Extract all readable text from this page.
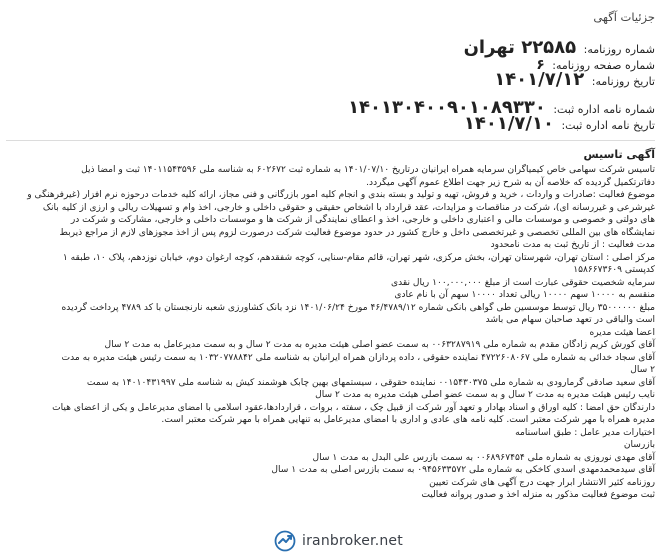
جزئیات آگهی
شماره روزنامه: ۲۲۵۸۵ تهران
شماره صفحه روزنامه: ۶
تاریخ روزنامه: ۱۴۰۱/۷/۱۲
شماره نامه اداره ثبت: ۱۴۰۱۳۰۴۰۰۹۰۱۰۸۹۳۳۰
تاریخ نامه اداره ثبت: ۱۴۰۱/۷/۱۰
آگهی تاسیس

تاسیس شرکت سهامی خاص کیمیاگران سرمایه همراه ایرانیان درتاریخ ۱۴۰۱/۰۷/۱۰ به شماره ثبت ۶۰۲۶۷۲ به شناسه ملی ۱۴۰۱۱۵۴۳۵۹۶ ثبت و امضا ذیل

دفاترتکمیل گردیده که خلاصه آن به شرح زیر جهت اطلاع عموم آگهی میگردد.

موضوع فعالیت :صادرات و واردات ، خرید و فروش، تهیه و تولید و بسته بندی و انجام کلیه امور بازرگانی و فنی مجاز، ارائه کلیه خدمات درحوزه نرم افزار (غیرفرهنگی و

غیرشرعی و غیررسانه ای)، شرکت در مناقصات و مزایدات، عقد قرارداد با اشخاص حقیقی و حقوقی داخلی و خارجی، اخذ وام و تسهیلات ریالی و ارزی از کلیه بانک

های دولتی و خصوصی و موسسات مالی و اعتباری داخلی و خارجی، اخذ و اعطای نمایندگی از شرکت ها و موسسات داخلی و خارجی، مشارکت و شرکت در

نمایشگاه های بین المللی تخصصی و غیرتخصصی داخل و خارج کشور در حدود موضوع فعالیت شرکت درصورت لزوم پس از اخذ مجوزهای لازم از مراجع ذیربط

مدت فعالیت : از تاریخ ثبت به مدت نامحدود

مرکز اصلی : استان تهران، شهرستان تهران، بخش مرکزی، شهر تهران، قائم مقام-سنایی، کوچه شفقدهم، کوچه ارغوان دوم، خیابان نوزدهم، پلاک ۱۰، طبقه ۱

کدپستی ۱۵۸۶۶۷۳۶۰۹

سرمایه شخصیت حقوقی عبارت است از مبلغ ۱۰۰,۰۰۰,۰۰۰ ریال نقدی

منقسم به ۱۰۰۰۰ سهم ۱۰۰۰۰ ریالی تعداد ۱۰۰۰۰ سهم آن با نام عادی

مبلغ ۳۵۰۰۰۰۰۰ ریال توسط موسسین طی گواهی بانکی شماره ۴۶/۴۷۸۹/۱۲ مورخ ۱۴۰۱/۰۶/۲۴ نزد بانک کشاورزی شعبه نارنجستان با کد ۴۷۸۹ پرداخت گردیده

است والباقی در تعهد صاحبان سهام می باشد

اعضا هیئت مدیره

آقای کورش کریم زادگان مقدم به شماره ملی ۰۰۶۳۲۸۷۹۱۹ به سمت عضو اصلی هیئت مدیره به مدت ۲ سال و به سمت مدیرعامل به مدت ۲ سال

آقای سجاد خدائی به شماره ملی ۴۷۲۲۶۰۸۰۶۷ نماینده حقوقی ، داده پردازان همراه ایرانیان به شناسه ملی ۱۰۳۲۰۷۷۸۸۴۲ به سمت رئیس هیئت مدیره به مدت

۲ سال

آقای سعید صادقی گرمارودی به شماره ملی ۰۰۱۵۴۳۰۳۷۵ نماینده حقوقی ، سیستمهای بهین چابک هوشمند کیش به شناسه ملی ۱۴۰۱۰۴۳۱۹۹۷ به سمت

نایب رئیس هیئت مدیره به مدت ۲ سال و به سمت عضو اصلی هیئت مدیره به مدت ۲ سال

دارندگان حق امضا : کلیه اوراق و اسناد بهادار و تعهد آور شرکت از قبیل چک ، سفته ، بروات ، قراردادها،عقود اسلامی با امضای مدیرعامل و یکی از اعضای هیات

مدیره همراه با مهر شرکت معتبر است. کلیه نامه های عادی و اداری با امضای مدیرعامل به تنهایی همراه با مهر شرکت معتبر است.

اختیارات مدیر عامل : طبق اساسنامه

بازرسان

آقای مهدی نوروزی به شماره ملی ۰۰۶۸۹۶۷۴۵۴ به سمت بازرس علی البدل به مدت ۱ سال

آقای سیدمحمدمهدی اسدی کاخکی به شماره ملی ۰۹۴۵۶۳۳۵۷۲ به سمت بازرس اصلی به مدت ۱ سال

روزنامه کثیر الانتشار ابرار جهت درج آگهی های شرکت تعیین

ثبت موضوع فعالیت مذکور به منزله اخذ و صدور پروانه فعالیت

iranbroker.net
